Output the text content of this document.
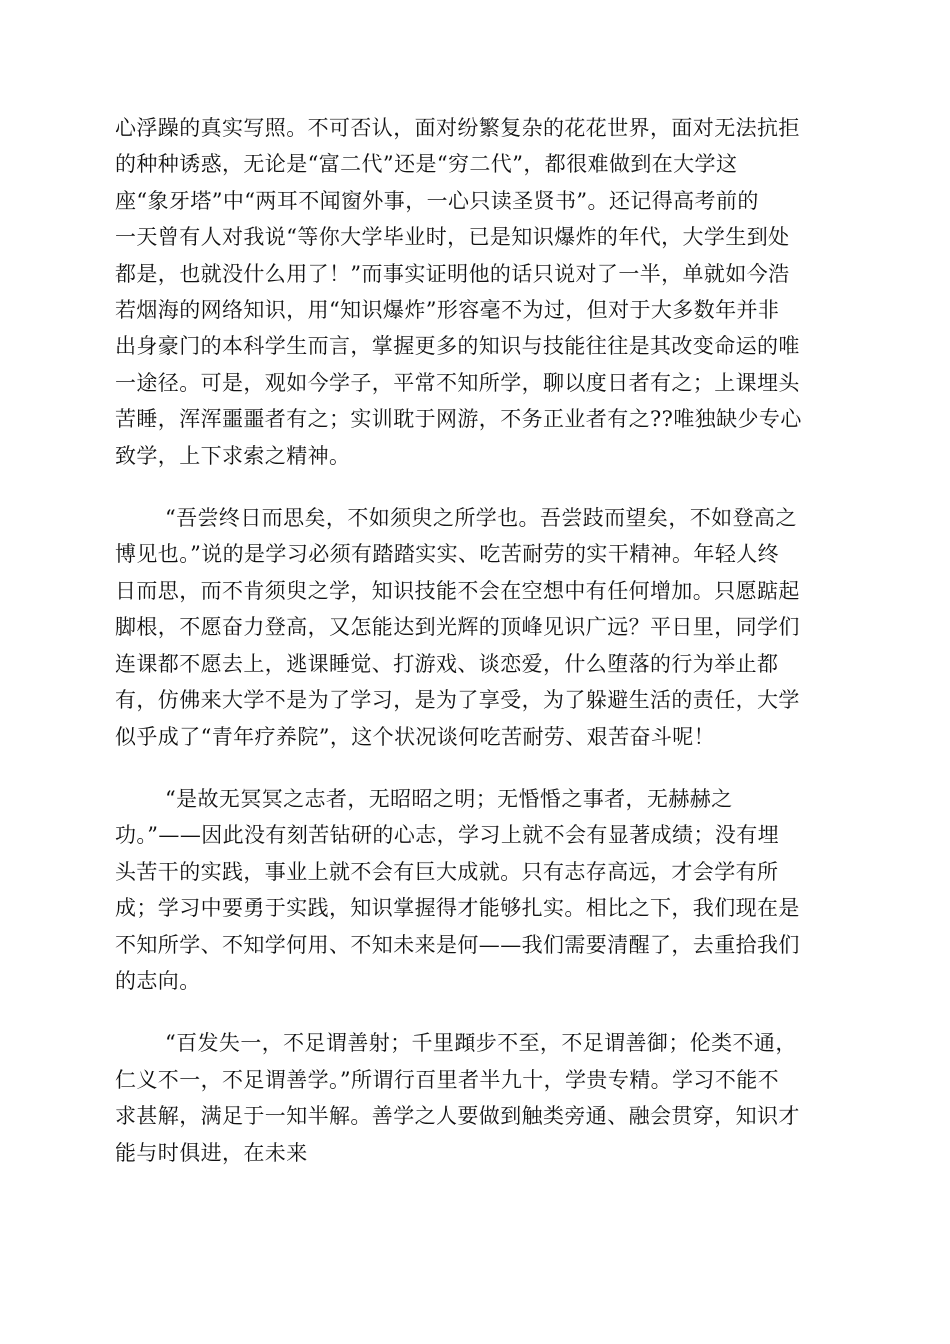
心浮躁的真实写照。不可否认，面对纷繁复杂的花花世界，面对无法抗拒
的种种诱惑，无论是“富二代”还是“穷二代”，都很难做到在大学这
座“象牙塔”中“两耳不闻窗外事，一心只读圣贤书”。还记得高考前的
一天曾有人对我说“等你大学毕业时，已是知识爆炸的年代，大学生到处
都是，也就没什么用了！”而事实证明他的话只说对了一半，单就如今浩
若烟海的网络知识，用“知识爆炸”形容毫不为过，但对于大多数年并非
出身豪门的本科学生而言，掌握更多的知识与技能往往是其改变命运的唯
一途径。可是，观如今学子，平常不知所学，聊以度日者有之；上课埋头
苦睡，浑浑噩噩者有之；实训耽于网游，不务正业者有之??唯独缺少专心
致学，上下求索之精神。
“吾尝终日而思矣，不如须臾之所学也。吾尝跂而望矣，不如登高之
博见也。”说的是学习必须有踏踏实实、吃苦耐劳的实干精神。年轻人终
日而思，而不肯须臾之学，知识技能不会在空想中有任何增加。只愿踮起
脚根，不愿奋力登高，又怎能达到光辉的顶峰见识广远？平日里，同学们
连课都不愿去上，逃课睡觉、打游戏、谈恋爱，什么堕落的行为举止都
有，仿佛来大学不是为了学习，是为了享受，为了躲避生活的责任，大学
似乎成了“青年疗养院”，这个状况谈何吃苦耐劳、艰苦奋斗呢！
“是故无冥冥之志者，无昭昭之明；无惛惛之事者，无赫赫之
功。”——因此没有刻苦钻研的心志，学习上就不会有显著成绩；没有埋
头苦干的实践，事业上就不会有巨大成就。只有志存高远，才会学有所
成；学习中要勇于实践，知识掌握得才能够扎实。相比之下，我们现在是
不知所学、不知学何用、不知未来是何——我们需要清醒了，去重拾我们
的志向。
“百发失一，不足谓善射；千里蹞步不至，不足谓善御；伦类不通，
仁义不一，不足谓善学。”所谓行百里者半九十，学贵专精。学习不能不
求甚解，满足于一知半解。善学之人要做到触类旁通、融会贯穿，知识才
能与时俱进，在未来
